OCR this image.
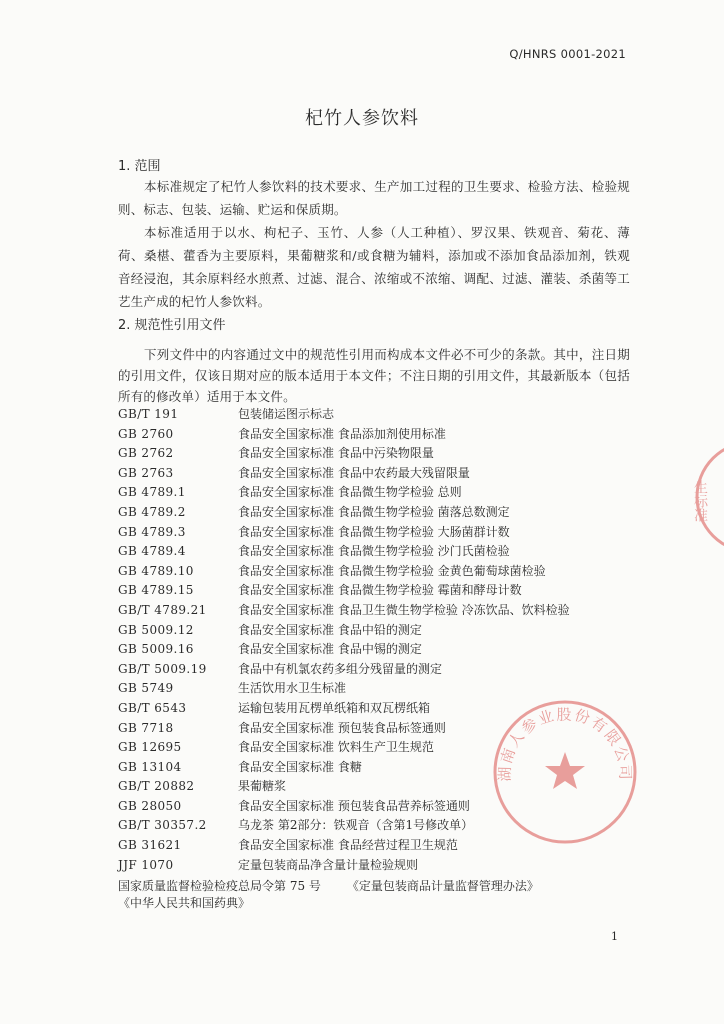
Q/HNRS 0001-2021
杞竹人参饮料
1. 范围

本标准规定了杞竹人参饮料的技术要求、生产加工过程的卫生要求、检验方法、检验规则、标志、包装、运输、贮运和保质期。

本标准适用于以水、枸杞子、玉竹、人参（人工种植）、罗汉果、铁观音、菊花、薄荷、桑椹、藿香为主要原料，果葡糖浆和/或食糖为辅料，添加或不添加食品添加剂，铁观音经浸泡，其余原料经水煎煮、过滤、混合、浓缩或不浓缩、调配、过滤、灌装、杀菌等工艺生产成的杞竹人参饮料。

2. 规范性引用文件

下列文件中的内容通过文中的规范性引用而构成本文件必不可少的条款。其中，注日期的引用文件，仅该日期对应的版本适用于本文件；不注日期的引用文件，其最新版本（包括所有的修改单）适用于本文件。

GB/T 191	包装储运图示标志
GB 2760	食品安全国家标准 食品添加剂使用标准
GB 2762	食品安全国家标准 食品中污染物限量
GB 2763	食品安全国家标准 食品中农药最大残留限量
GB 4789.1	食品安全国家标准 食品微生物学检验 总则
GB 4789.2	食品安全国家标准 食品微生物学检验 菌落总数测定
GB 4789.3	食品安全国家标准 食品微生物学检验 大肠菌群计数
GB 4789.4	食品安全国家标准 食品微生物学检验 沙门氏菌检验
GB 4789.10	食品安全国家标准 食品微生物学检验 金黄色葡萄球菌检验
GB 4789.15	食品安全国家标准 食品微生物学检验 霉菌和酵母计数
GB/T 4789.21	食品安全国家标准 食品卫生微生物学检验 冷冻饮品、饮料检验
GB 5009.12	食品安全国家标准 食品中铅的测定
GB 5009.16	食品安全国家标准 食品中锡的测定
GB/T 5009.19	食品中有机氯农药多组分残留量的测定
GB 5749	生活饮用水卫生标准
GB/T 6543	运输包装用瓦楞单纸箱和双瓦楞纸箱
GB 7718	食品安全国家标准 预包装食品标签通则
GB 12695	食品安全国家标准 饮料生产卫生规范
GB 13104	食品安全国家标准 食糖
GB/T 20882	果葡糖浆
GB 28050	食品安全国家标准 预包装食品营养标签通则
GB/T 30357.2	乌龙茶 第2部分：铁观音（含第1号修改单）
GB 31621	食品安全国家标准 食品经营过程卫生规范
JJF 1070	定量包装商品净含量计量检验规则
国家质量监督检验检疫总局令第 75 号 《定量包装商品计量监督管理办法》
《中华人民共和国药典》
1
湖南人参业股份有限公司
生标准
